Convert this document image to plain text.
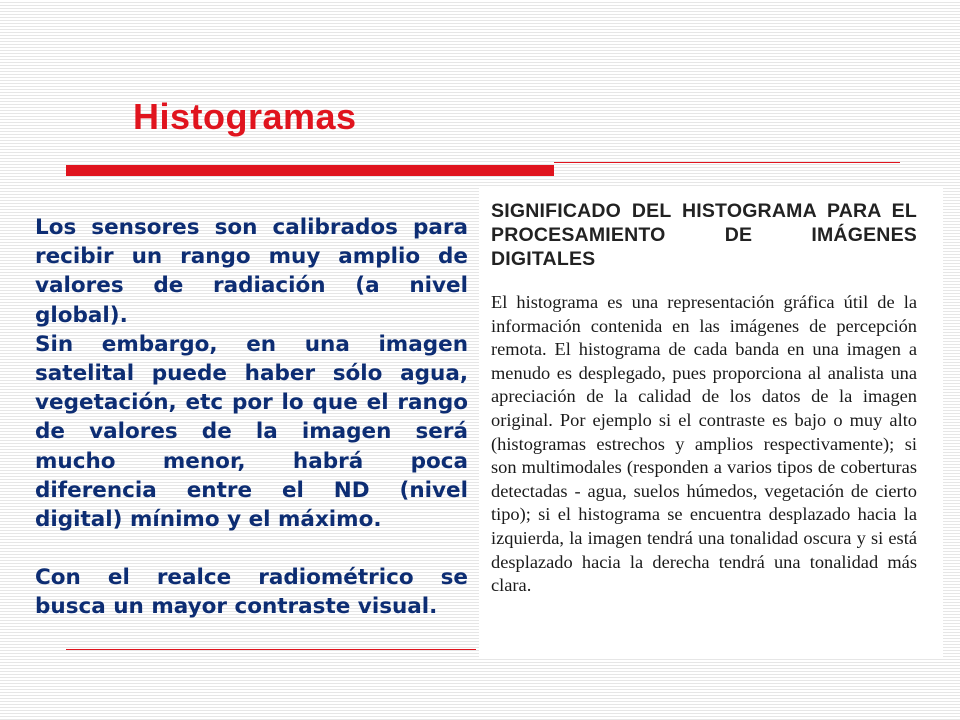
Histogramas

Los sensores son calibrados para recibir un rango muy amplio de valores de radiación (a nivel global).

Sin embargo, en una imagen satelital puede haber sólo agua, vegetación, etc por lo que el rango de valores de la imagen será mucho menor, habrá poca diferencia entre el ND (nivel digital) mínimo y el máximo.

Con el realce radiométrico se busca un mayor contraste visual.

SIGNIFICADO DEL HISTOGRAMA PARA EL PROCESAMIENTO DE IMÁGENES DIGITALES

El histograma es una representación gráfica útil de la información contenida en las imágenes de percepción remota. El histograma de cada banda en una imagen a menudo es desplegado, pues proporciona al analista una apreciación de la calidad de los datos de la imagen original. Por ejemplo si el contraste es bajo o muy alto (histogramas estrechos y amplios respectivamente); si son multimodales (responden a varios tipos de coberturas detectadas - agua, suelos húmedos, vegetación de cierto tipo); si el histograma se encuentra desplazado hacia la izquierda, la imagen tendrá una tonalidad oscura y si está desplazado hacia la derecha tendrá una tonalidad más clara.
